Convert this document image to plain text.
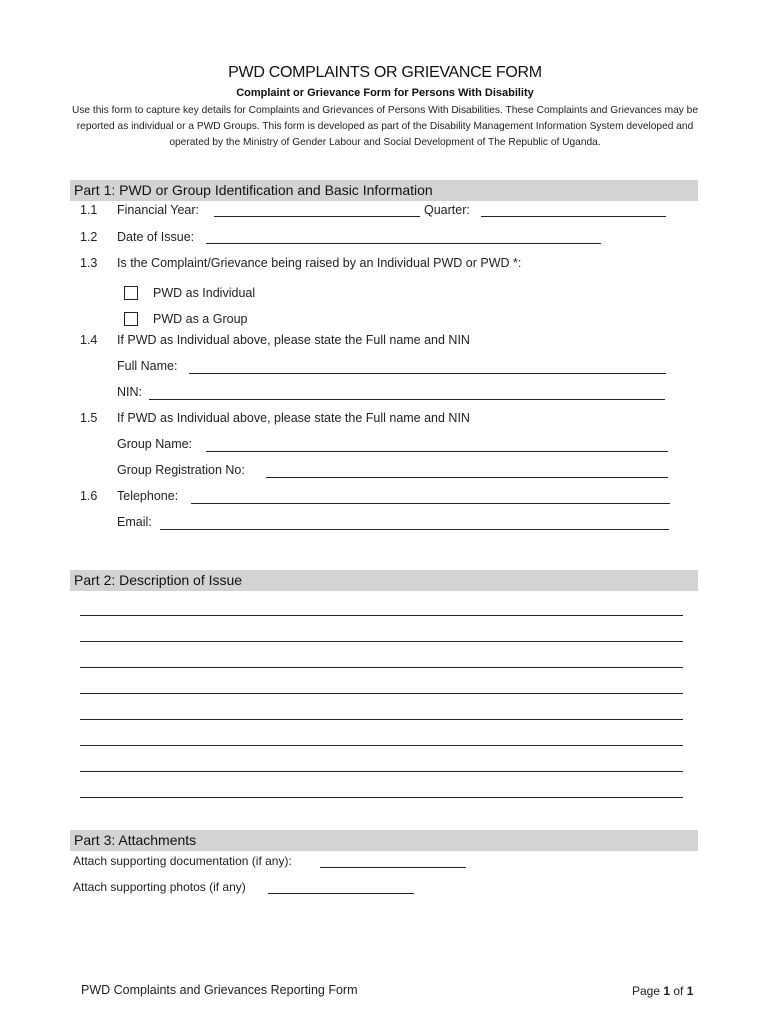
PWD COMPLAINTS OR GRIEVANCE FORM
Complaint or Grievance Form for Persons With Disability
Use this form to capture key details for Complaints and Grievances of Persons With Disabilities. These Complaints and Grievances may be reported as individual or a PWD Groups. This form is developed as part of the Disability Management Information System developed and operated by the Ministry of Gender Labour and Social Development of The Republic of Uganda.
Part 1: PWD or Group Identification and Basic Information
1.1 Financial Year:	Quarter:
1.2 Date of Issue:
1.3 Is the Complaint/Grievance being raised by an Individual PWD or PWD *:
PWD as Individual
PWD as a Group
1.4 If PWD as Individual above, please state the Full name and NIN
Full Name:
NIN:
1.5 If PWD as Individual above, please state the Full name and NIN
Group Name:
Group Registration No:
1.6 Telephone:
Email:
Part 2: Description of Issue
Part 3: Attachments
Attach supporting documentation (if any):
Attach supporting photos (if any)
PWD Complaints and Grievances Reporting Form	Page 1 of 1
